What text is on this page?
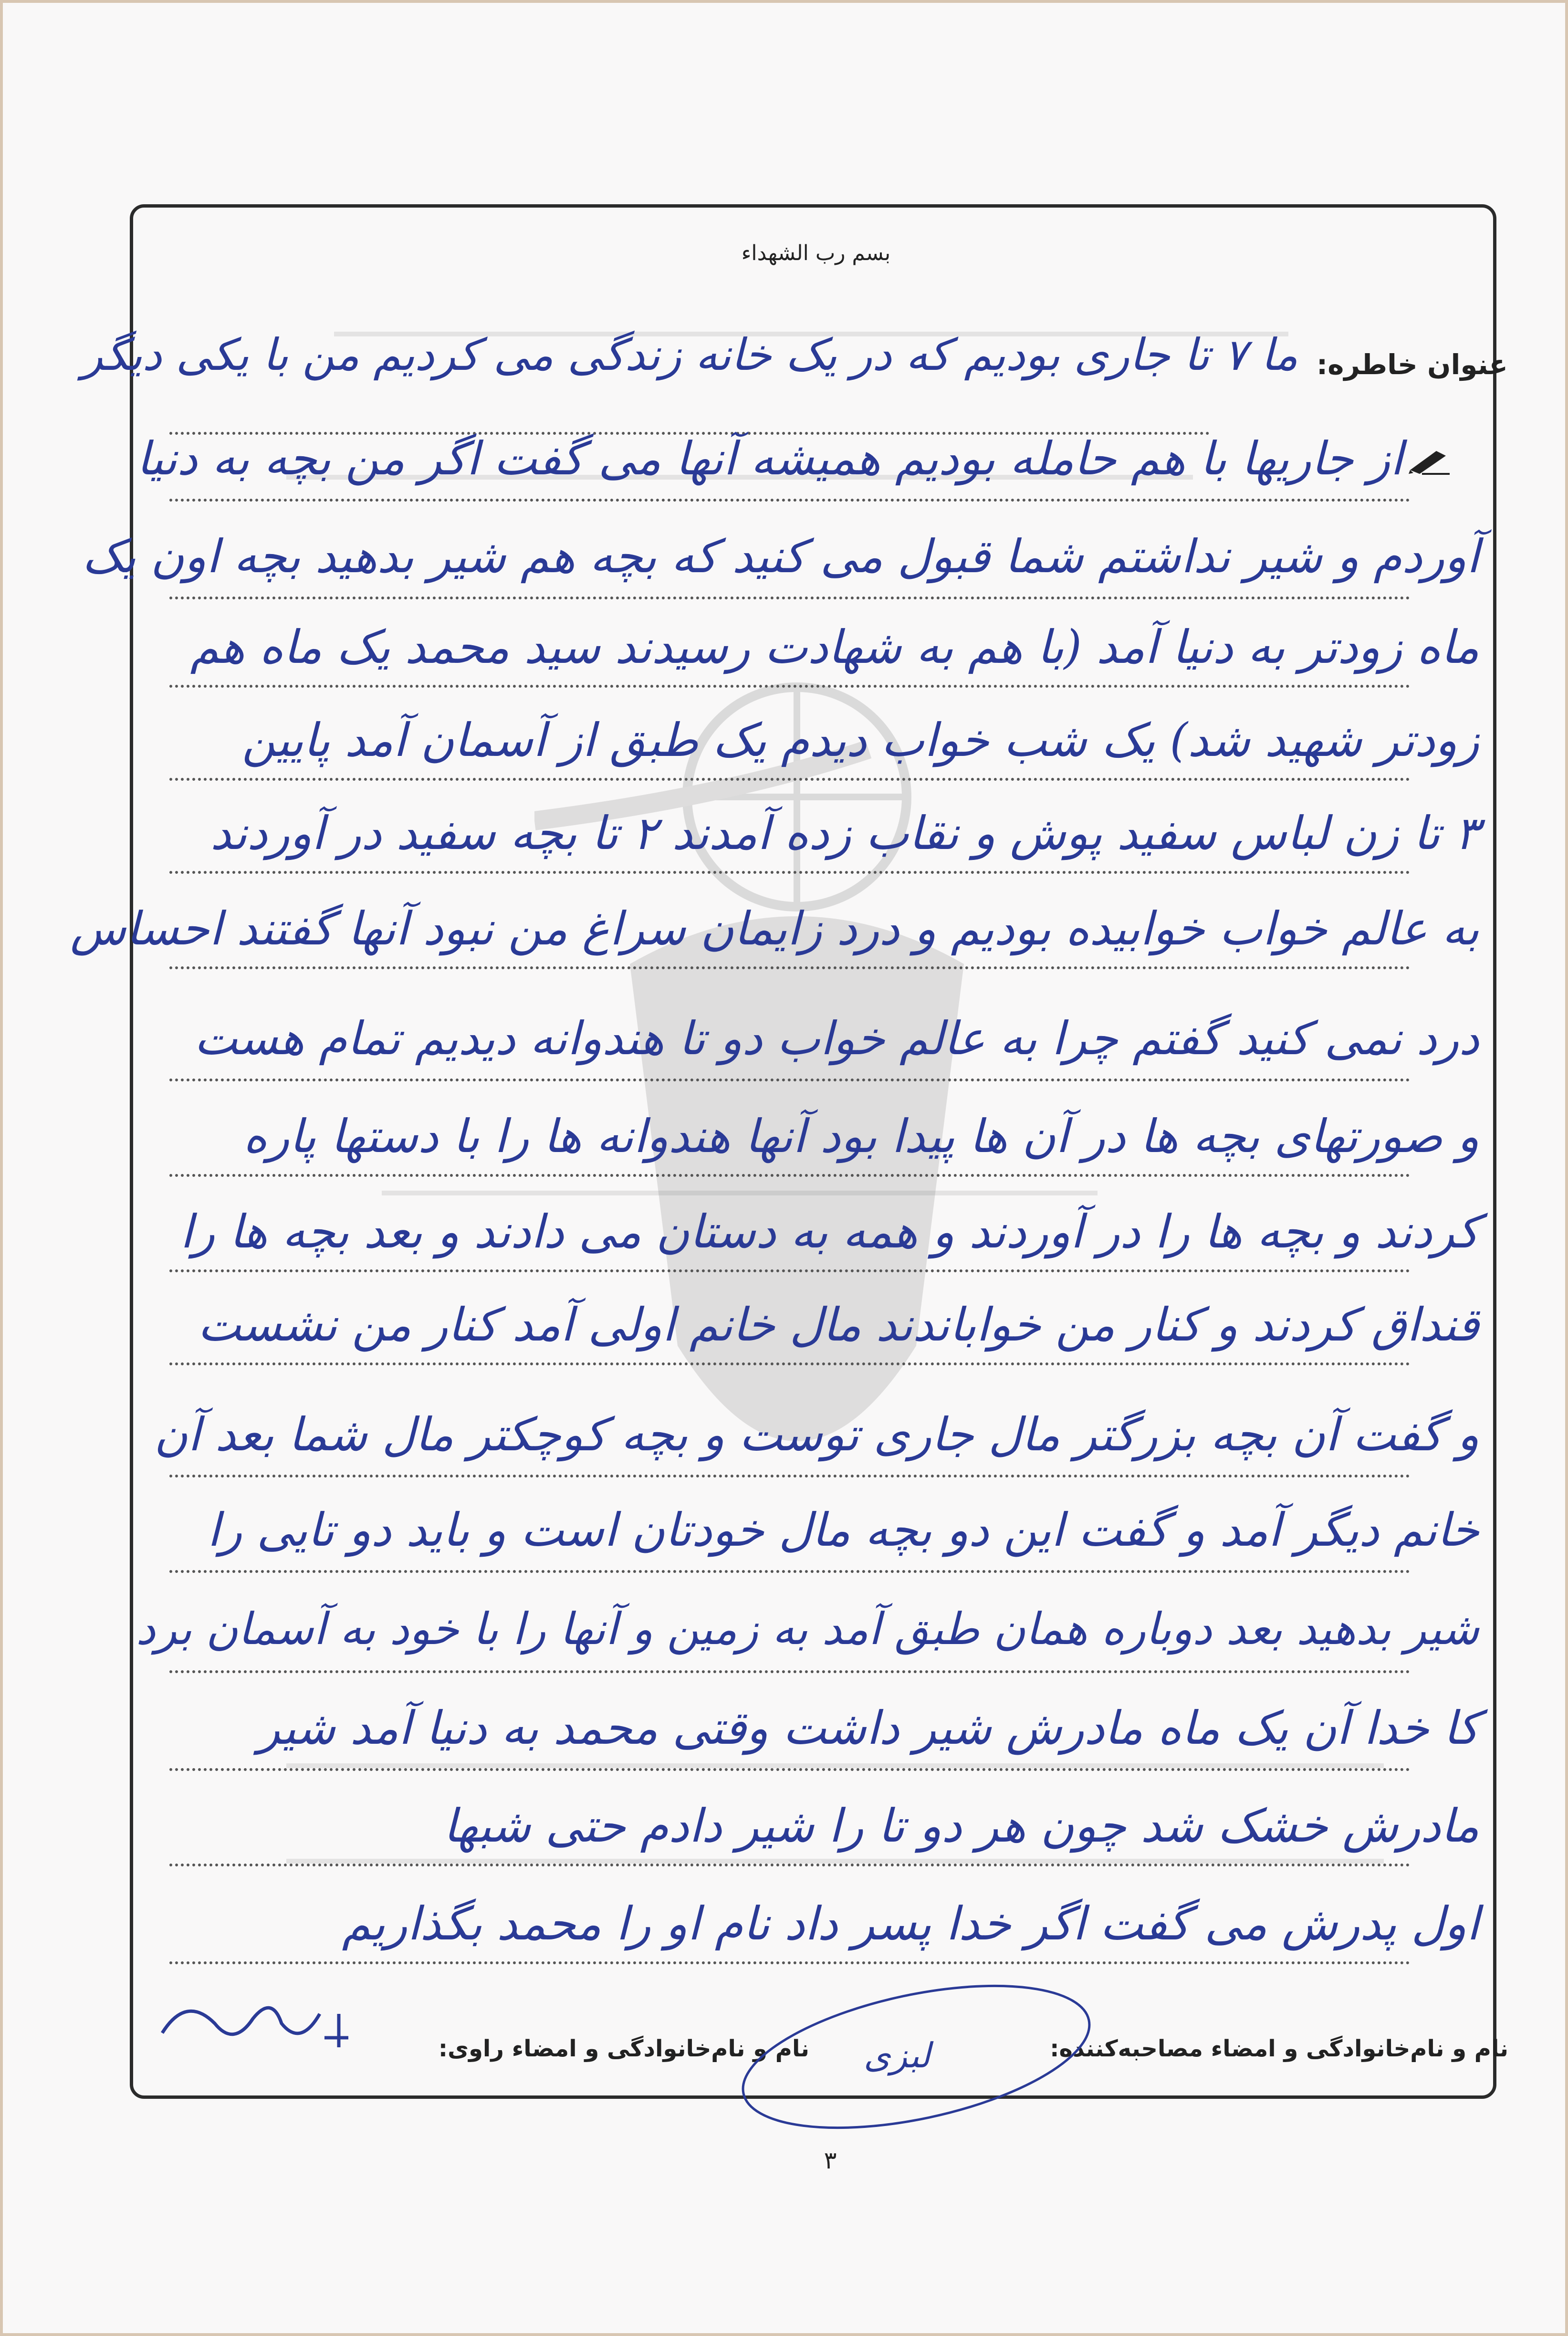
بسم رب الشهداء
عنوان خاطره:
ما ۷ تا جاری بودیم که در یک خانه زندگی می کردیم من با یکی دیگر
از جاریها با هم حامله بودیم همیشه آنها می گفت اگر من بچه به دنیا
آوردم و شیر نداشتم شما قبول می کنید که بچه هم شیر بدهید بچه اون یک
ماه زودتر به دنیا آمد (با هم به شهادت رسیدند سید محمد یک ماه هم
زودتر شهید شد) یک شب خواب دیدم یک طبق از آسمان آمد پایین
۳ تا زن لباس سفید پوش و نقاب زده آمدند ۲ تا بچه سفید در آوردند
به عالم خواب خوابیده بودیم و درد زایمان سراغ من نبود آنها گفتند احساس
درد نمی کنید گفتم چرا به عالم خواب دو تا هندوانه دیدیم تمام هست
و صورتهای بچه ها در آن ها پیدا بود آنها هندوانه ها را با دستها پاره
کردند و بچه ها را در آوردند و همه به دستان می دادند و بعد بچه ها را
قنداق کردند و کنار من خواباندند مال خانم اولی آمد کنار من نشست
و گفت آن بچه بزرگتر مال جاری توست و بچه کوچکتر مال شما بعد آن
خانم دیگر آمد و گفت این دو بچه مال خودتان است و باید دو تایی را
شیر بدهید بعد دوباره همان طبق آمد به زمین و آنها را با خود به آسمان برد
کا خدا آن یک ماه مادرش شیر داشت وقتی محمد به دنیا آمد شیر
مادرش خشک شد چون هر دو تا را شیر دادم حتی شبها
اول پدرش می گفت اگر خدا پسر داد نام او را محمد بگذاریم
نام و نام‌خانوادگی و امضاء مصاحبه‌کننده:
نام و نام‌خانوادگی و امضاء راوی: لبزی
۳
